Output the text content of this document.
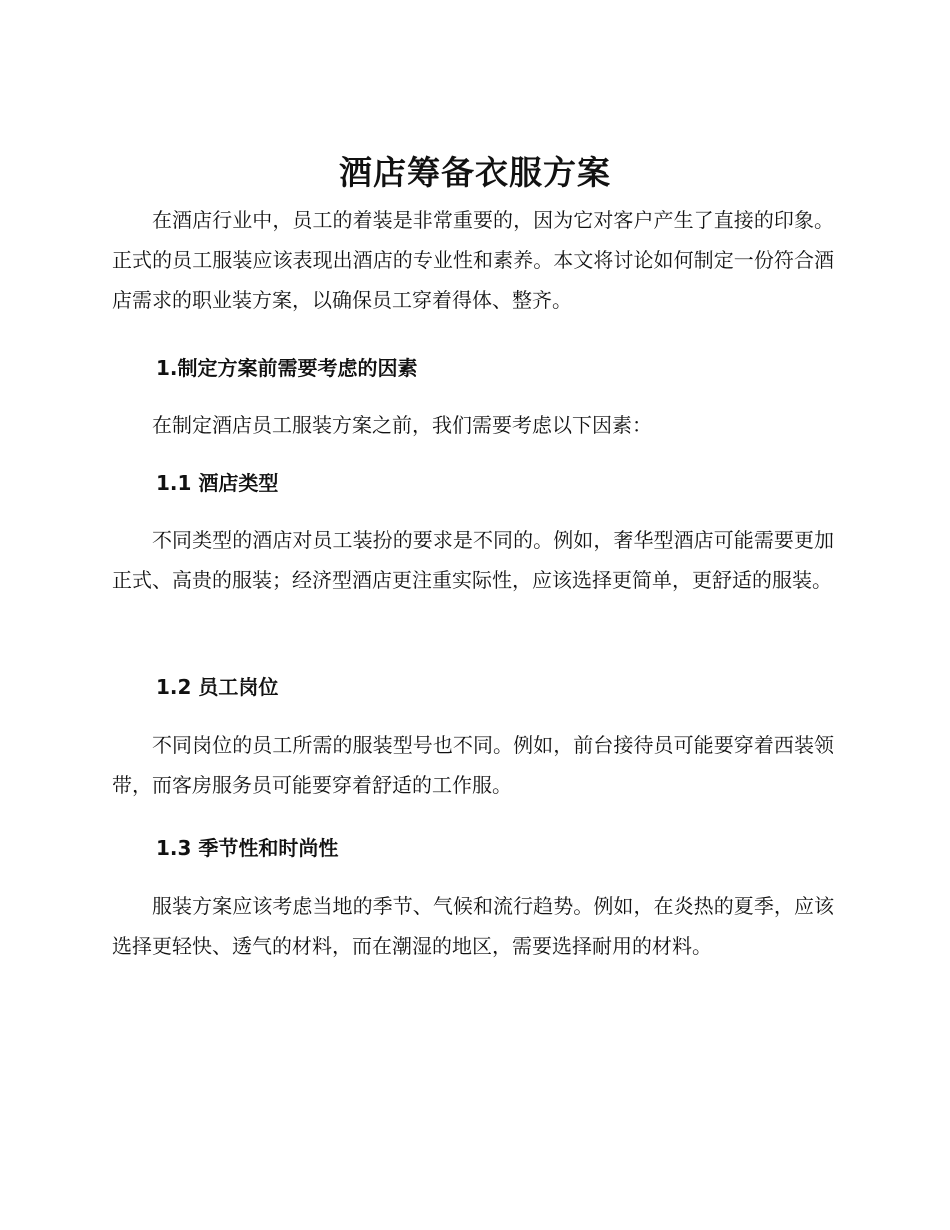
酒店筹备衣服方案

在酒店行业中，员工的着装是非常重要的，因为它对客户产生了直接的印象。正式的员工服装应该表现出酒店的专业性和素养。本文将讨论如何制定一份符合酒店需求的职业装方案，以确保员工穿着得体、整齐。

1.制定方案前需要考虑的因素

在制定酒店员工服装方案之前，我们需要考虑以下因素：

1.1 酒店类型

不同类型的酒店对员工装扮的要求是不同的。例如，奢华型酒店可能需要更加正式、高贵的服装；经济型酒店更注重实际性，应该选择更简单，更舒适的服装。

1.2 员工岗位

不同岗位的员工所需的服装型号也不同。例如，前台接待员可能要穿着西装领带，而客房服务员可能要穿着舒适的工作服。

1.3 季节性和时尚性

服装方案应该考虑当地的季节、气候和流行趋势。例如，在炎热的夏季，应该选择更轻快、透气的材料，而在潮湿的地区，需要选择耐用的材料。
